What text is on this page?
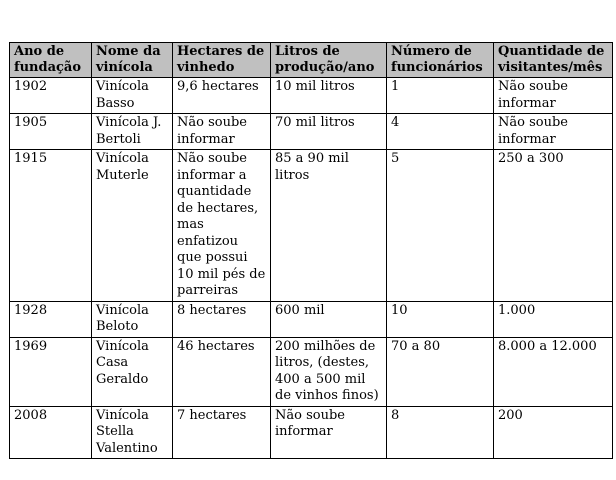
Ano de fundação	Nome da vinícola	Hectares de vinhedo	Litros de produção/ano	Número de funcionários	Quantidade de visitantes/mês

1902	Vinícola Basso	9,6 hectares	10 mil litros	1	Não soube informar

1905	Vinícola J. Bertoli	Não soube informar	70 mil litros	4	Não soube informar

1915	Vinícola Muterle	Não soube informar a quantidade de hectares, mas enfatizou que possui 10 mil pés de parreiras	85 a 90 mil litros	5	250 a 300

1928	Vinícola Beloto	8 hectares	600 mil	10	1.000

1969	Vinícola Casa Geraldo	46 hectares	200 milhões de litros, (destes, 400 a 500 mil de vinhos finos)	70 a 80	8.000 a 12.000

2008	Vinícola Stella Valentino	7 hectares	Não soube informar	8	200
